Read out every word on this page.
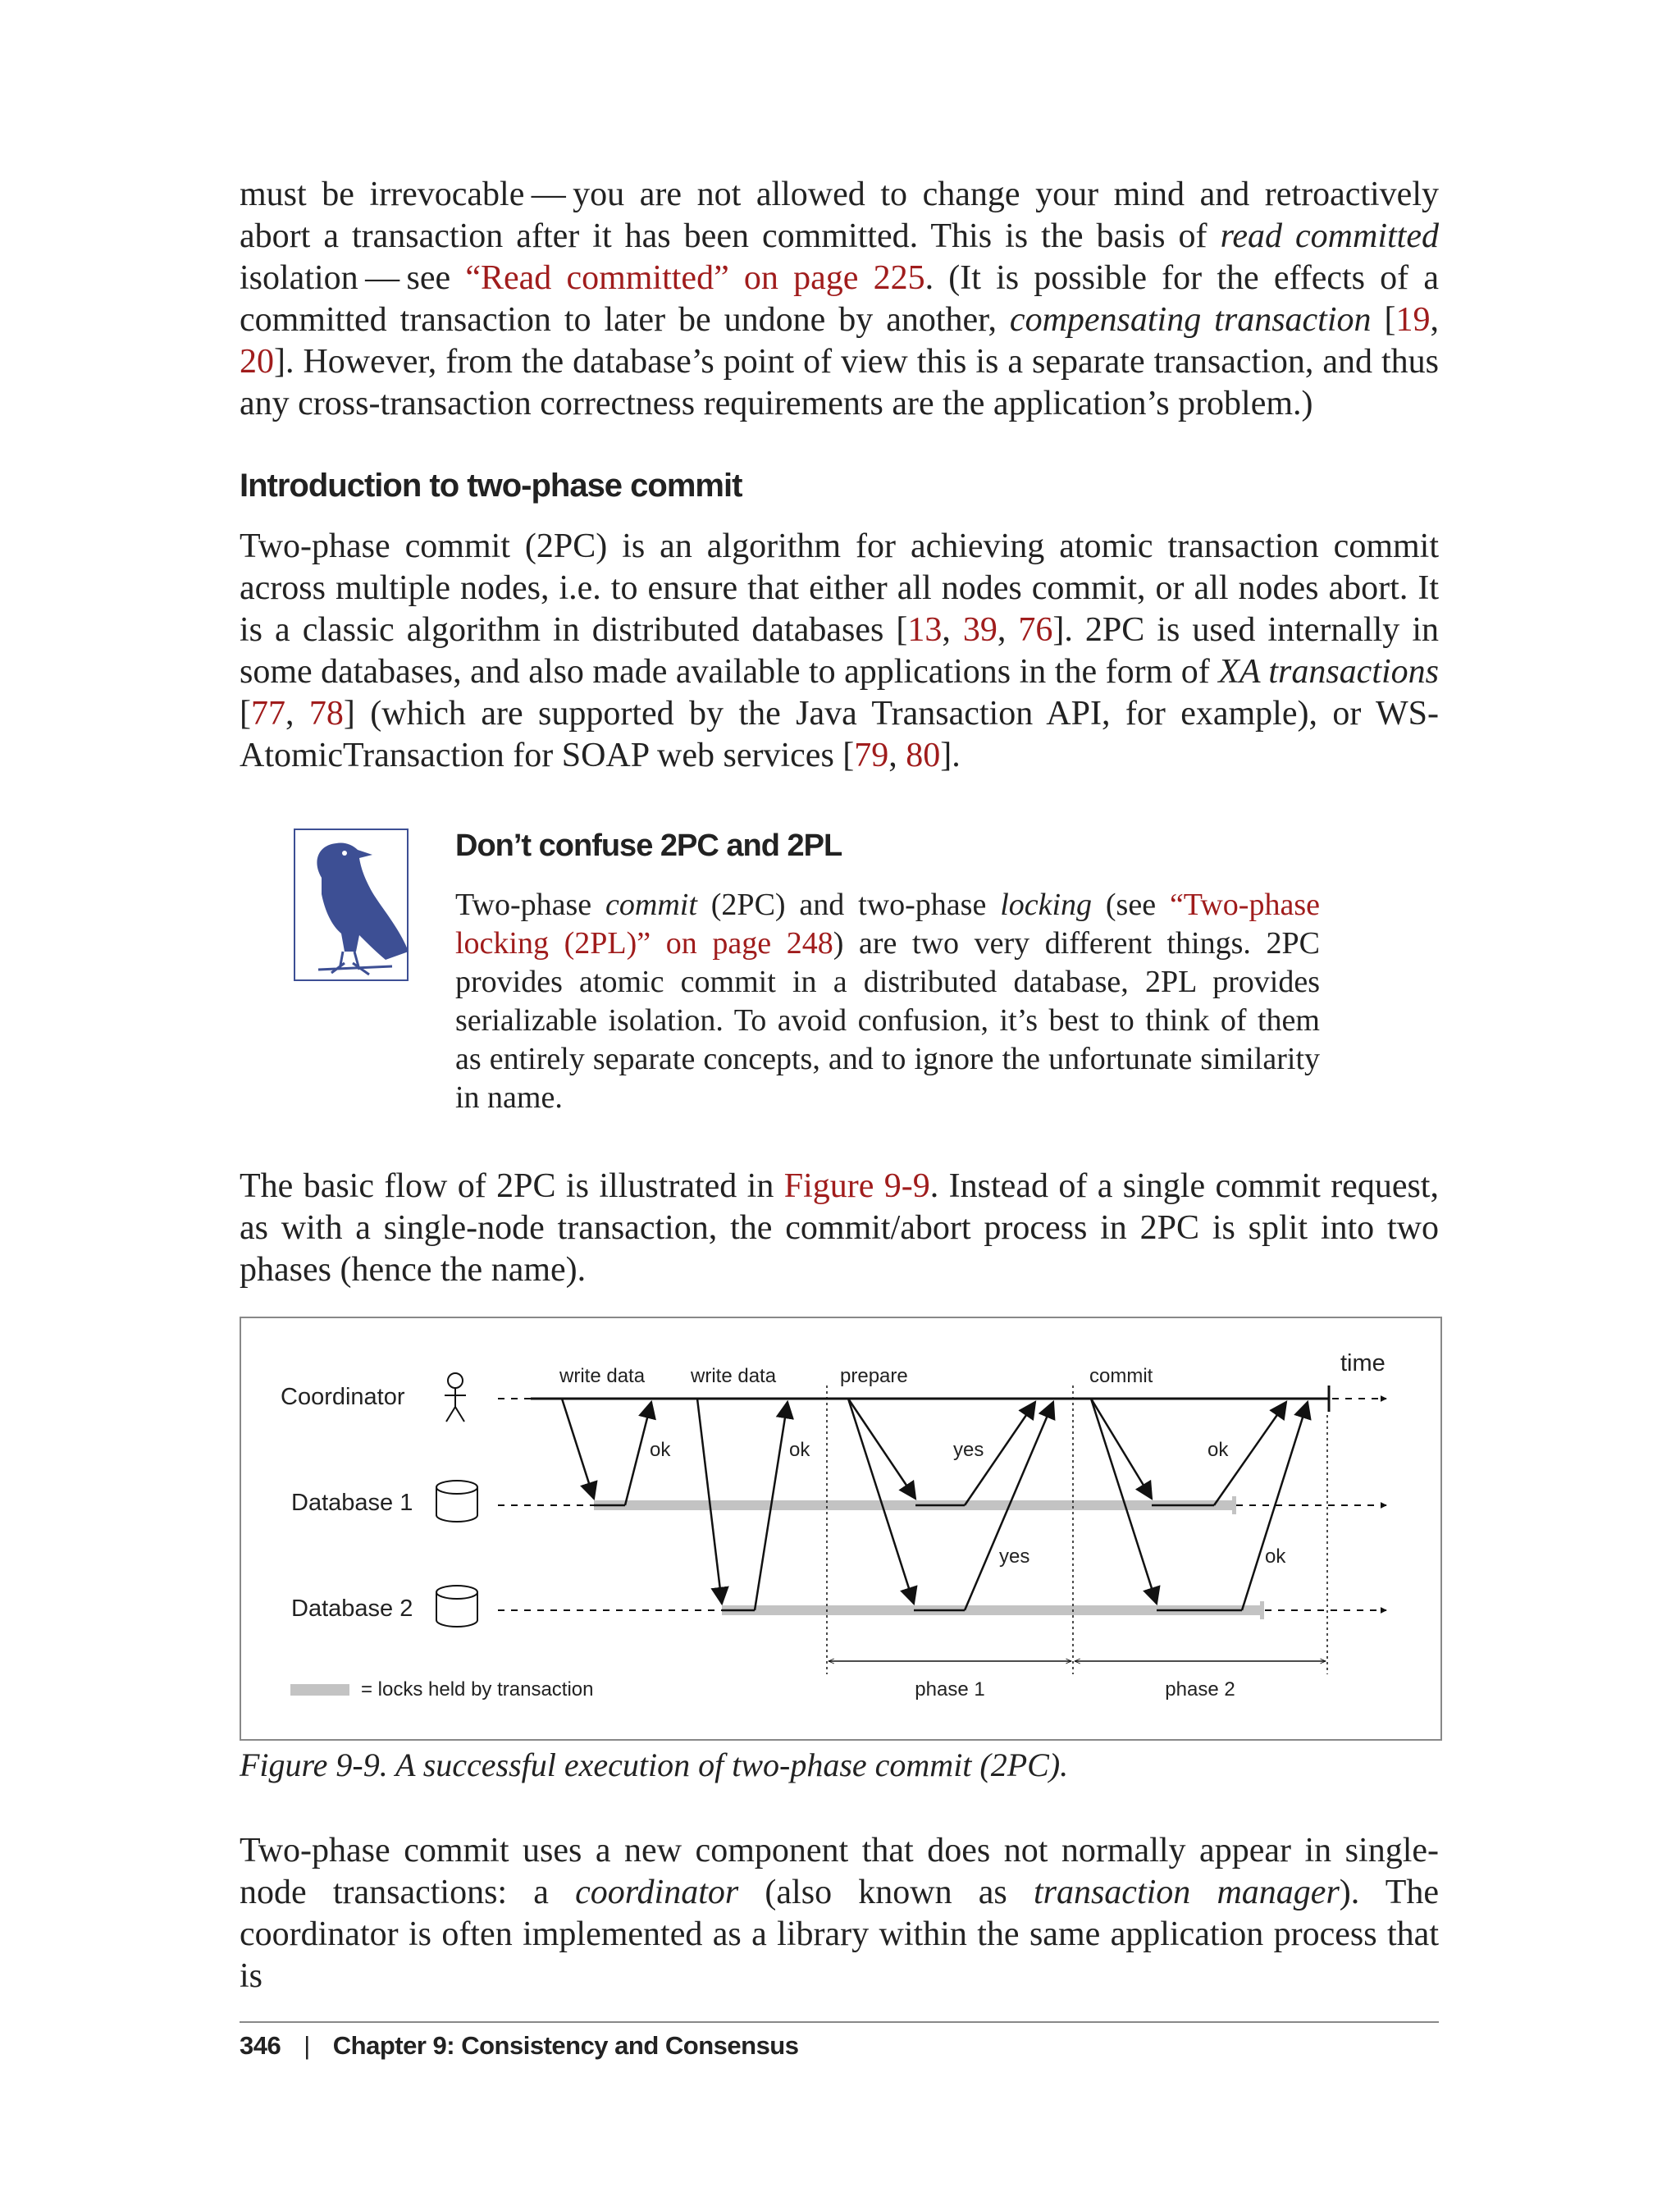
must be irrevocable — you are not allowed to change your mind and retroactively abort a transaction after it has been committed. This is the basis of read committed isolation — see “Read committed” on page 225. (It is possible for the effects of a committed transaction to later be undone by another, compensating transaction [19, 20]. However, from the database’s point of view this is a separate transaction, and thus any cross-transaction correctness requirements are the application’s problem.)
Introduction to two-phase commit
Two-phase commit (2PC) is an algorithm for achieving atomic transaction commit across multiple nodes, i.e. to ensure that either all nodes commit, or all nodes abort. It is a classic algorithm in distributed databases [13, 39, 76]. 2PC is used internally in some databases, and also made available to applications in the form of XA transactions [77, 78] (which are supported by the Java Transaction API, for example), or WS-AtomicTransaction for SOAP web services [79, 80].
Don’t confuse 2PC and 2PL
Two-phase commit (2PC) and two-phase locking (see “Two-phase locking (2PL)” on page 248) are two very different things. 2PC provides atomic commit in a distributed database, 2PL provides serializable isolation. To avoid confusion, it’s best to think of them as entirely separate concepts, and to ignore the unfortunate similarity in name.
The basic flow of 2PC is illustrated in Figure 9-9. Instead of a single commit request, as with a single-node transaction, the commit/abort process in 2PC is split into two phases (hence the name).
Coordinator
Database 1
Database 2
write data write data	prepare	commit	time
ok	ok	yes
yes
ok
ok
phase 1	phase 2
= locks held by transaction
Figure 9-9. A successful execution of two-phase commit (2PC).
Two-phase commit uses a new component that does not normally appear in single-node transactions: a coordinator (also known as transaction manager). The coordinator is often implemented as a library within the same application process that is
346 | Chapter 9: Consistency and Consensus
